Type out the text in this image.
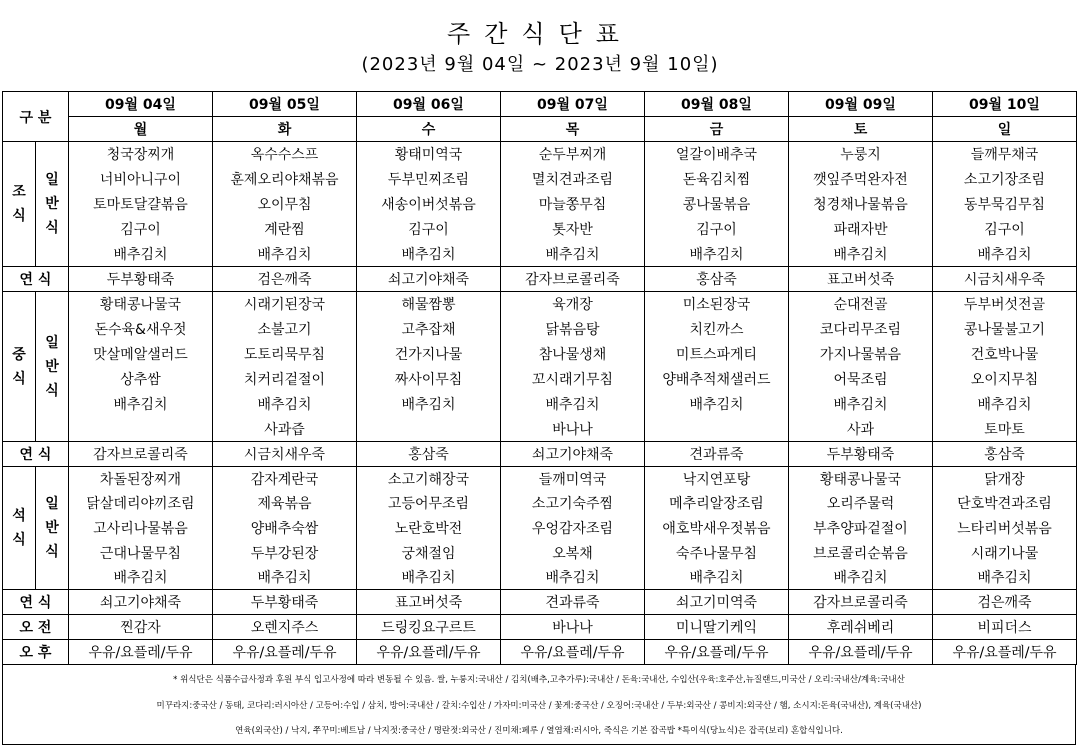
주간식단표
(2023년 9월 04일 ~ 2023년 9월 10일)
구 분		09월 04일	09월 05일	09월 06일	09월 07일	09월 08일	09월 09일	09월 10일
		월	화	수	목	금	토	일

조
식	일
반
식	청국장찌개	옥수수스프	황태미역국	순두부찌개	얼갈이배추국	누룽지	들깨무채국
		너비아니구이	훈제오리야채볶음	두부민찌조림	멸치견과조림	돈육김치찜	깻잎주먹완자전	소고기장조림
		토마토달걀볶음	오이무침	새송이버섯볶음	마늘쫑무침	콩나물볶음	청경채나물볶음	동부묵김무침
		김구이	계란찜	김구이	톳자반	김구이	파래자반	김구이
		배추김치	배추김치	배추김치	배추김치	배추김치	배추김치	배추김치
연 식		두부황태죽	검은깨죽	쇠고기야채죽	감자브로콜리죽	홍삼죽	표고버섯죽	시금치새우죽

중
식	일
반
식	황태콩나물국	시래기된장국	해물짬뽕	육개장	미소된장국	순대전골	두부버섯전골
		돈수육&새우젓	소불고기	고추잡채	닭볶음탕	치킨까스	코다리무조림	콩나물불고기
		맛살메알샐러드	도토리묵무침	건가지나물	참나물생채	미트스파게티	가지나물볶음	건호박나물
		상추쌈	치커리겉절이	짜사이무침	꼬시래기무침	양배추적채샐러드	어묵조림	오이지무침
		배추김치	배추김치	배추김치	배추김치	배추김치	배추김치	배추김치
			사과즙		바나나		사과	토마토
연 식		감자브로콜리죽	시금치새우죽	홍삼죽	쇠고기야채죽	견과류죽	두부황태죽	홍삼죽

석
식	일
반
식	차돌된장찌개	감자계란국	소고기해장국	들깨미역국	낙지연포탕	황태콩나물국	닭개장
		닭살데리야끼조림	제육볶음	고등어무조림	소고기숙주찜	메추리알장조림	오리주물럭	단호박견과조림
		고사리나물볶음	양배추숙쌈	노란호박전	우엉감자조림	애호박새우젓볶음	부추양파겉절이	느타리버섯볶음
		근대나물무침	두부강된장	궁채절임	오복채	숙주나물무침	브로콜리순볶음	시래기나물
		배추김치	배추김치	배추김치	배추김치	배추김치	배추김치	배추김치
연 식		쇠고기야채죽	두부황태죽	표고버섯죽	견과류죽	쇠고기미역죽	감자브로콜리죽	검은깨죽
오 전		찐감자	오렌지주스	드링킹요구르트	바나나	미니딸기케익	후레쉬베리	비피더스
오 후		우유/요플레/두유	우유/요플레/두유	우유/요플레/두유	우유/요플레/두유	우유/요플레/두유	우유/요플레/두유	우유/요플레/두유
* 위식단은 식품수급사정과 후원 부식 입고사정에 따라 변동될 수 있음. 쌀, 누룽지:국내산 / 김치(배추,고추가루):국내산 / 돈육:국내산, 수입산(우육:호주산,뉴질랜드,미국산 / 오리:국내산/계육:국내산
미꾸라지:중국산 / 동태, 코다리:러시아산 / 고등어:수입 / 삼치, 방어:국내산 / 갈치:수입산 / 가자미:미국산 / 꽃게:중국산 / 오징어:국내산 / 두부:외국산 / 콩비지:외국산 / 햄, 소시지:돈육(국내산), 계육(국내산)
연육(외국산) / 낙지, 쭈꾸미:베트남 / 낙지젓:중국산 / 명란젓:외국산 / 진미채:페루 / 열염채:러시아, 죽식은 기본 잡곡밥 *특이식(당뇨식)은 잡곡(보리) 혼합식입니다.
